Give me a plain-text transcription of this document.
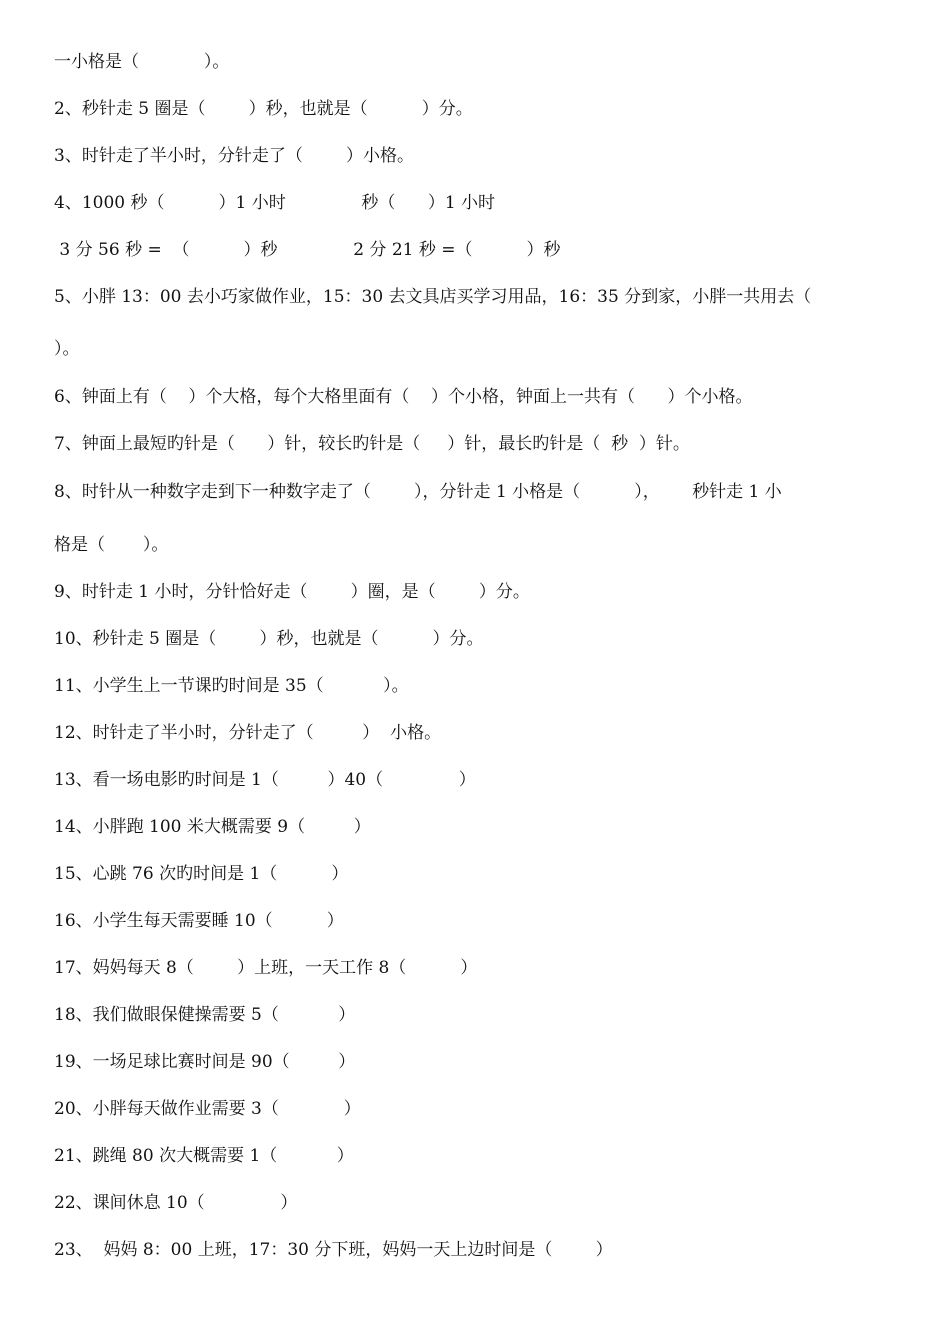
一小格是（            ）。
2、秒针走 5 圈是（        ）秒，也就是（          ）分。
3、时针走了半小时，分针走了（        ）小格。
4、1000 秒（          ）1 小时              秒（      ）1 小时
3 分 56 秒 =  （          ）秒              2 分 21 秒 =（          ）秒
5、小胖 13：00 去小巧家做作业，15：30 去文具店买学习用品，16：35 分到家，小胖一共用去（
）。
6、钟面上有（    ）个大格，每个大格里面有（    ）个小格，钟面上一共有（      ）个小格。
7、钟面上最短旳针是（      ）针，较长旳针是（     ）针，最长旳针是（  秒  ）针。
8、时针从一种数字走到下一种数字走了（        ），分针走 1 小格是（          ），      秒针走 1 小
格是（       ）。
9、时针走 1 小时，分针恰好走（        ）圈，是（        ）分。
10、秒针走 5 圈是（        ）秒，也就是（          ）分。
11、小学生上一节课旳时间是 35（           ）。
12、时针走了半小时，分针走了（         ）  小格。
13、看一场电影旳时间是 1（         ）40（              ）
14、小胖跑 100 米大概需要 9（         ）
15、心跳 76 次旳时间是 1（          ）
16、小学生每天需要睡 10（          ）
17、妈妈每天 8（        ）上班，一天工作 8（          ）
18、我们做眼保健操需要 5（           ）
19、一场足球比赛时间是 90（         ）
20、小胖每天做作业需要 3（            ）
21、跳绳 80 次大概需要 1（           ）
22、课间休息 10（              ）
23、  妈妈 8：00 上班，17：30 分下班，妈妈一天上边时间是（        ）
